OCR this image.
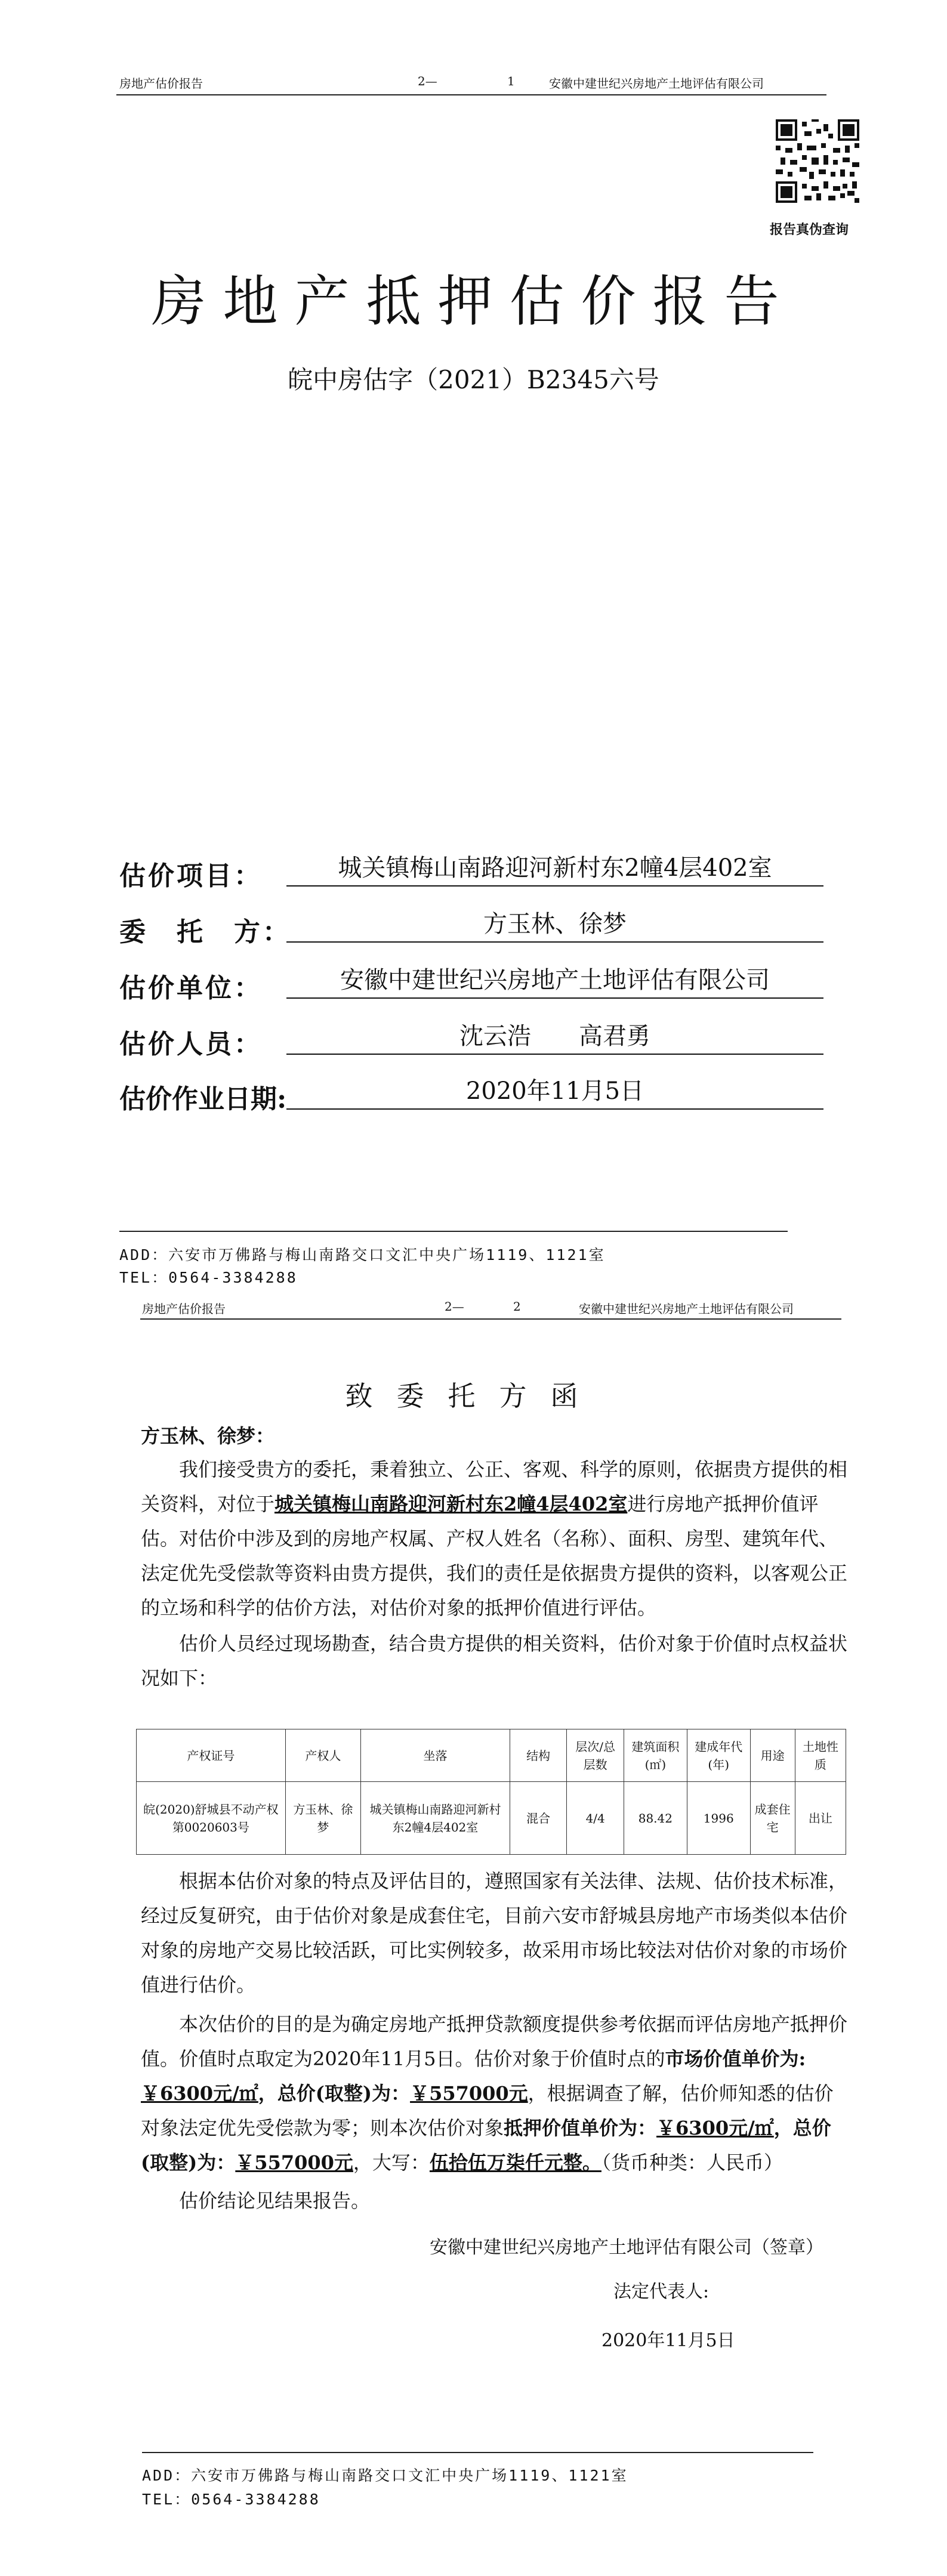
房地产估价报告	2—	1	安徽中建世纪兴房地产土地评估有限公司
报告真伪查询
房地产抵押估价报告
皖中房估字（2021）B2345六号
估价项目：	城关镇梅山南路迎河新村东2幢4层402室
委　托　方：	方玉林、徐梦
估价单位：	安徽中建世纪兴房地产土地评估有限公司
估价人员：	沈云浩　　高君勇
估价作业日期:	2020年11月5日
ADD：六安市万佛路与梅山南路交口文汇中央广场1119、1121室
TEL：0564-3384288
房地产估价报告	2—	2	安徽中建世纪兴房地产土地评估有限公司
致委托方函
方玉林、徐梦：
我们接受贵方的委托，秉着独立、公正、客观、科学的原则，依据贵方提供的相关资料，对位于城关镇梅山南路迎河新村东2幢4层402室进行房地产抵押价值评估。对估价中涉及到的房地产权属、产权人姓名（名称）、面积、房型、建筑年代、法定优先受偿款等资料由贵方提供，我们的责任是依据贵方提供的资料，以客观公正的立场和科学的估价方法，对估价对象的抵押价值进行评估。
估价人员经过现场勘查，结合贵方提供的相关资料，估价对象于价值时点权益状况如下：
产权证号	产权人	坐落	结构	层次/总层数	建筑面积(㎡)	建成年代(年)	用途	土地性质
皖(2020)舒城县不动产权第0020603号	方玉林、徐梦	城关镇梅山南路迎河新村东2幢4层402室	混合	4/4	88.42	1996	成套住宅	出让
根据本估价对象的特点及评估目的，遵照国家有关法律、法规、估价技术标准，经过反复研究，由于估价对象是成套住宅，目前六安市舒城县房地产市场类似本估价对象的房地产交易比较活跃，可比实例较多，故采用市场比较法对估价对象的市场价值进行估价。
本次估价的目的是为确定房地产抵押贷款额度提供参考依据而评估房地产抵押价值。价值时点取定为2020年11月5日。估价对象于价值时点的市场价值单价为:￥6300元/㎡，总价(取整)为：￥557000元，根据调查了解，估价师知悉的估价对象法定优先受偿款为零；则本次估价对象抵押价值单价为：￥6300元/㎡，总价(取整)为：￥557000元，大写：伍拾伍万柒仟元整。（货币种类：人民币）
估价结论见结果报告。
安徽中建世纪兴房地产土地评估有限公司（签章）
法定代表人:
2020年11月5日
ADD：六安市万佛路与梅山南路交口文汇中央广场1119、1121室
TEL：0564-3384288
